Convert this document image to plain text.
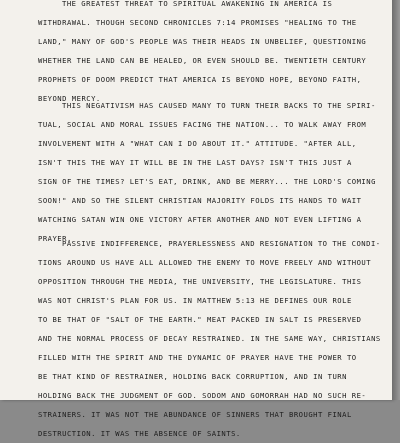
THE GREATEST THREAT TO SPIRITUAL AWAKENING IN AMERICA IS
WITHDRAWAL. THOUGH SECOND CHRONICLES 7:14 PROMISES "HEALING TO THE
LAND," MANY OF GOD'S PEOPLE WAS THEIR HEADS IN UNBELIEF, QUESTIONING
WHETHER THE LAND CAN BE HEALED, OR EVEN SHOULD BE. TWENTIETH CENTURY
PROPHETS OF DOOM PREDICT THAT AMERICA IS BEYOND HOPE, BEYOND FAITH,
BEYOND MERCY.
THIS NEGATIVISM HAS CAUSED MANY TO TURN THEIR BACKS TO THE SPIRI-
TUAL, SOCIAL AND MORAL ISSUES FACING THE NATION... TO WALK AWAY FROM
INVOLVEMENT WITH A "WHAT CAN I DO ABOUT IT." ATTITUDE. "AFTER ALL,
ISN'T THIS THE WAY IT WILL BE IN THE LAST DAYS? ISN'T THIS JUST A
SIGN OF THE TIMES? LET'S EAT, DRINK, AND BE MERRY... THE LORD'S COMING
SOON!" AND SO THE SILENT CHRISTIAN MAJORITY FOLDS ITS HANDS TO WAIT
WATCHING SATAN WIN ONE VICTORY AFTER ANOTHER AND NOT EVEN LIFTING A
PRAYER.
PASSIVE INDIFFERENCE, PRAYERLESSNESS AND RESIGNATION TO THE CONDI-
TIONS AROUND US HAVE ALL ALLOWED THE ENEMY TO MOVE FREELY AND WITHOUT
OPPOSITION THROUGH THE MEDIA, THE UNIVERSITY, THE LEGISLATURE. THIS
WAS NOT CHRIST'S PLAN FOR US. IN MATTHEW 5:13 HE DEFINES OUR ROLE
TO BE THAT OF "SALT OF THE EARTH." MEAT PACKED IN SALT IS PRESERVED
AND THE NORMAL PROCESS OF DECAY RESTRAINED. IN THE SAME WAY, CHRISTIANS
FILLED WITH THE SPIRIT AND THE DYNAMIC OF PRAYER HAVE THE POWER TO
BE THAT KIND OF RESTRAINER, HOLDING BACK CORRUPTION, AND IN TURN
HOLDING BACK THE JUDGMENT OF GOD. SODOM AND GOMORRAH HAD NO SUCH RE-
STRAINERS. IT WAS NOT THE ABUNDANCE OF SINNERS THAT BROUGHT FINAL
DESTRUCTION. IT WAS THE ABSENCE OF SAINTS.
